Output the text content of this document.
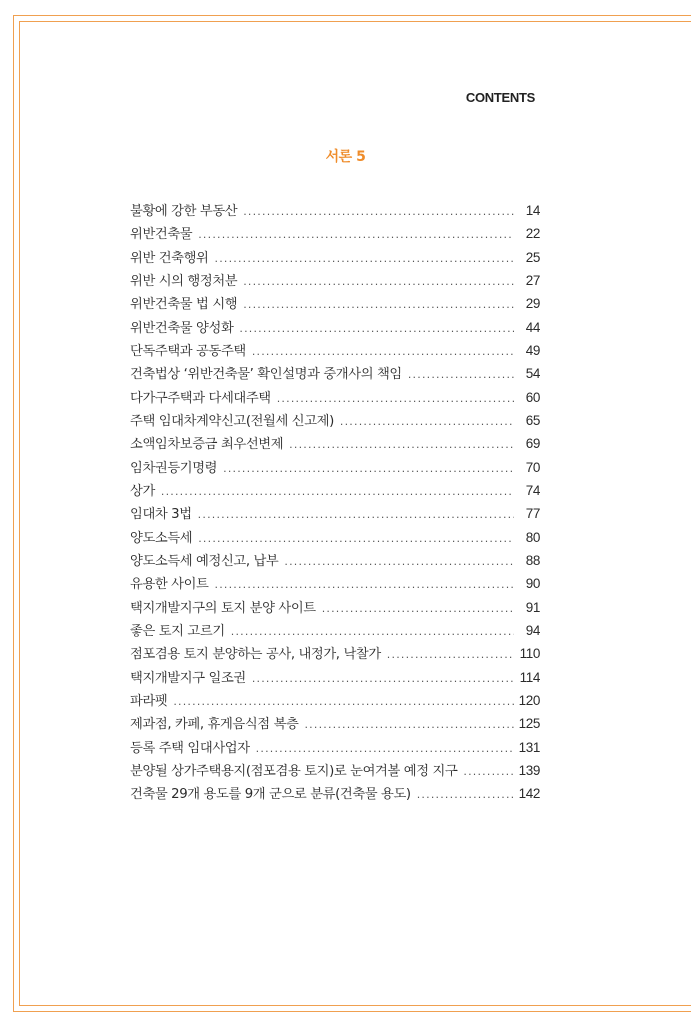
CONTENTS
서론 5
불황에 강한 부동산 .....	14
위반건축물 .....	22
위반 건축행위 .....	25
위반 시의 행정처분 .....	27
위반건축물 법 시행 .....	29
위반건축물 양성화 .....	44
단독주택과 공동주택 .....	49
건축법상 ‘위반건축물’ 확인설명과 중개사의 책임 .....	54
다가구주택과 다세대주택 .....	60
주택 임대차계약신고(전월세 신고제) .....	65
소액임차보증금 최우선변제 .....	69
임차권등기명령 .....	70
상가 .....	74
임대차 3법 .....	77
양도소득세 .....	80
양도소득세 예정신고, 납부 .....	88
유용한 사이트 .....	90
택지개발지구의 토지 분양 사이트 .....	91
좋은 토지 고르기 .....	94
점포겸용 토지 분양하는 공사, 내정가, 낙찰가 .....	110
택지개발지구 일조권 .....	114
파라펫 .....	120
제과점, 카페, 휴게음식점 복층 .....	125
등록 주택 임대사업자 .....	131
분양될 상가주택용지(점포겸용 토지)로 눈여겨볼 예정 지구 .....	139
건축물 29개 용도를 9개 군으로 분류(건축물 용도) .....	142
